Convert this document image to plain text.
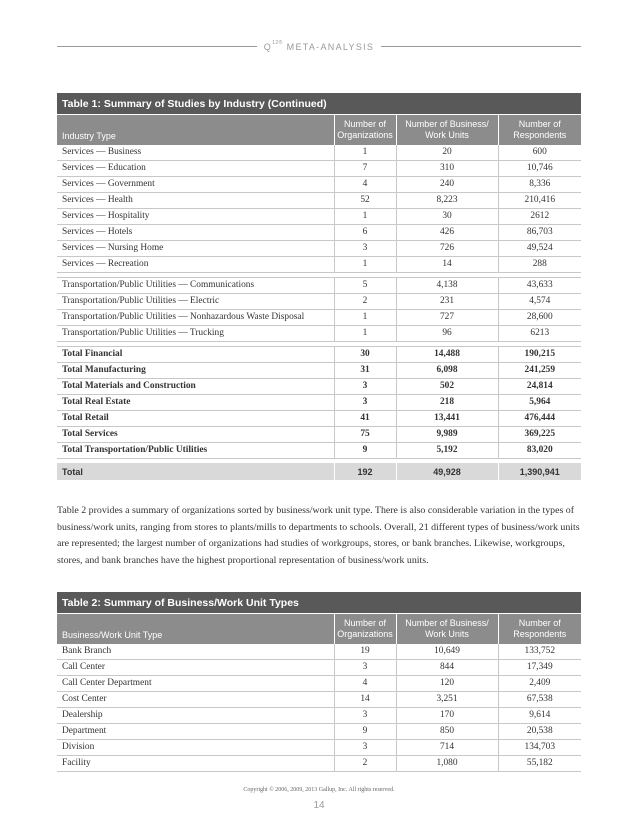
$Q^{12®}$ META-ANALYSIS
Table 1: Summary of Studies by Industry (Continued)			
Industry Type	Number of Organizations	Number of Business/ Work Units	Number of Respondents
Services — Business	1	20	600
Services — Education	7	310	10,746
Services — Government	4	240	8,336
Services — Health	52	8,223	210,416
Services — Hospitality	1	30	2612
Services — Hotels	6	426	86,703
Services — Nursing Home	3	726	49,524
Services — Recreation	1	14	288

Transportation/Public Utilities — Communications	5	4,138	43,633
Transportation/Public Utilities — Electric	2	231	4,574
Transportation/Public Utilities — Nonhazardous Waste Disposal	1	727	28,600
Transportation/Public Utilities — Trucking	1	96	6213

Total Financial	30	14,488	190,215
Total Manufacturing	31	6,098	241,259
Total Materials and Construction	3	502	24,814
Total Real Estate	3	218	5,964
Total Retail	41	13,441	476,444
Total Services	75	9,989	369,225
Total Transportation/Public Utilities	9	5,192	83,020

Total	192	49,928	1,390,941

Table 2 provides a summary of organizations sorted by business/work unit type. There is also considerable variation in the types of business/work units, ranging from stores to plants/mills to departments to schools. Overall, 21 different types of business/work units are represented; the largest number of organizations had studies of workgroups, stores, or bank branches. Likewise, workgroups, stores, and bank branches have the highest proportional representation of business/work units.

Table 2: Summary of Business/Work Unit Types			
Business/Work Unit Type	Number of Organizations	Number of Business/ Work Units	Number of Respondents
Bank Branch	19	10,649	133,752
Call Center	3	844	17,349
Call Center Department	4	120	2,409
Cost Center	14	3,251	67,538
Dealership	3	170	9,614
Department	9	850	20,538
Division	3	714	134,703
Facility	2	1,080	55,182
Copyright © 2006, 2009, 2013 Gallup, Inc. All rights reserved.
14
